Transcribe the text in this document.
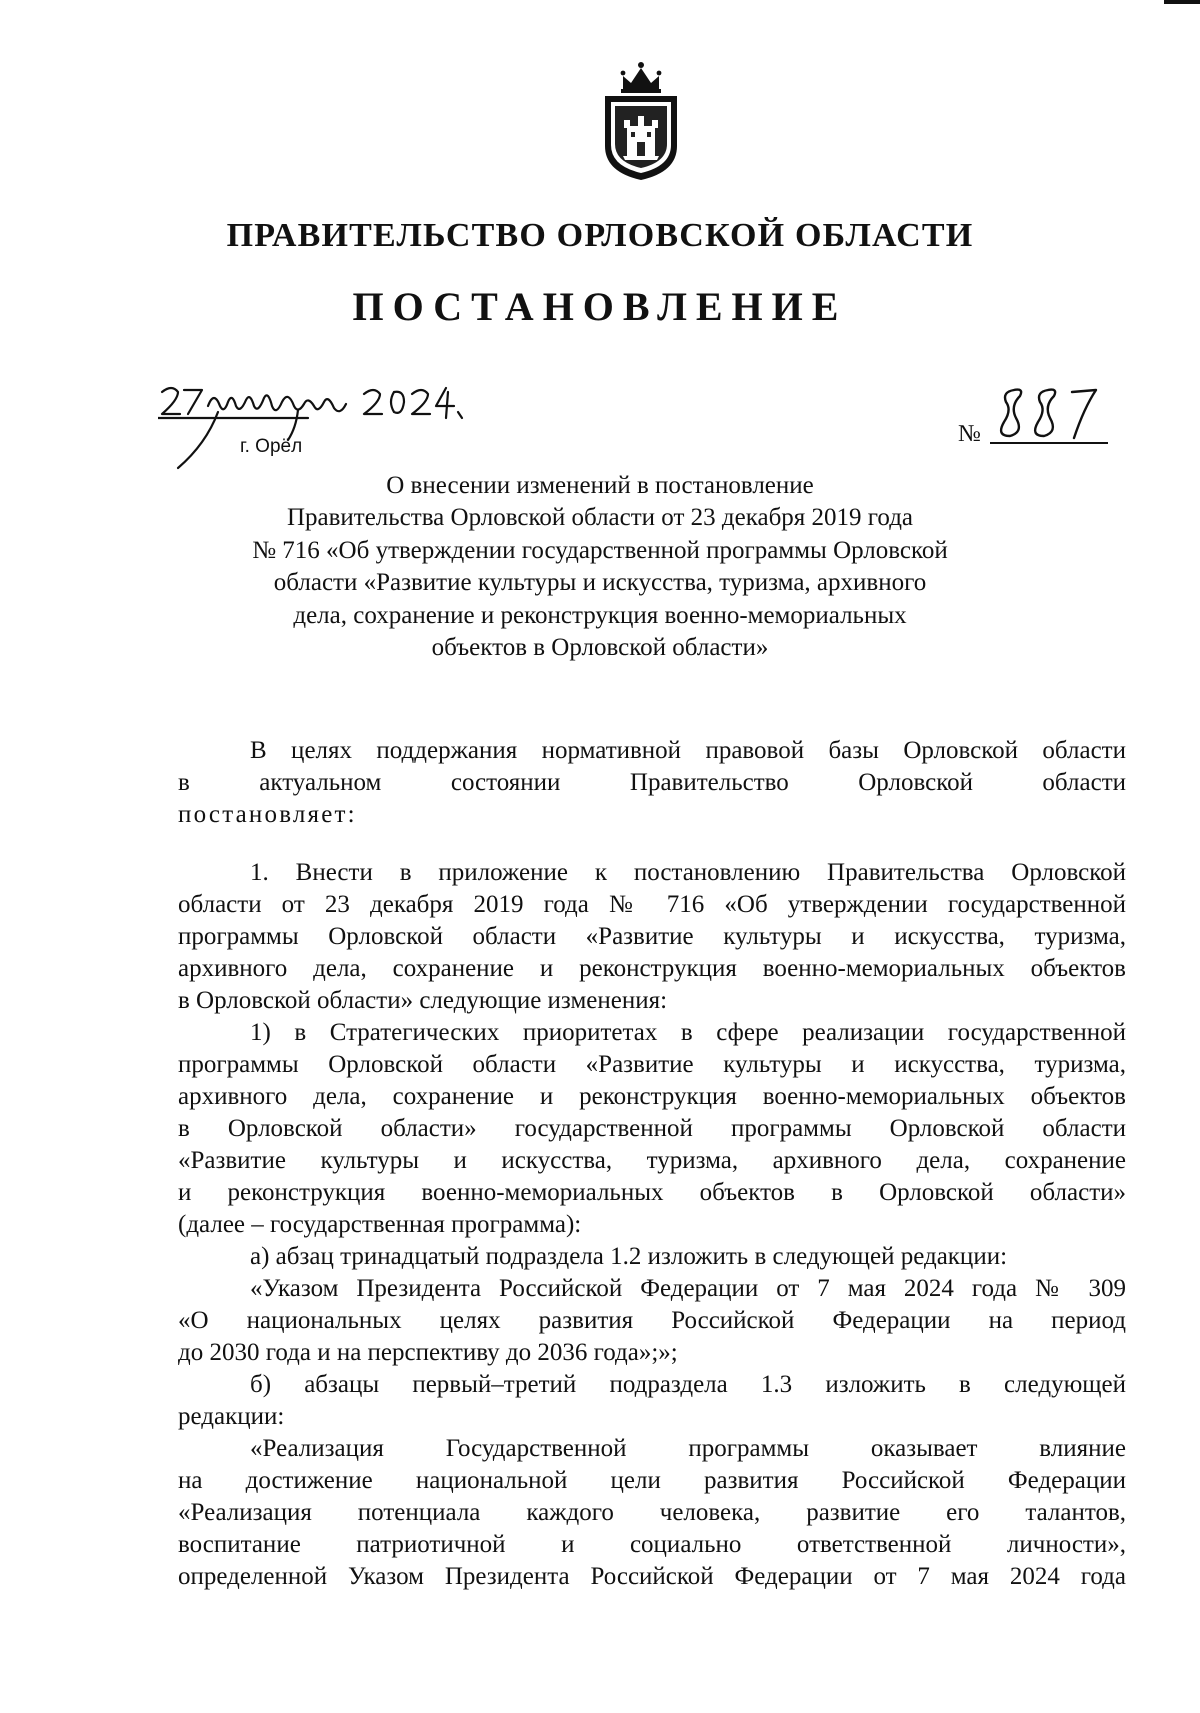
ПРАВИТЕЛЬСТВО ОРЛОВСКОЙ ОБЛАСТИ
ПОСТАНОВЛЕНИЕ
г. Орёл	№
О внесении изменений в постановление
Правительства Орловской области от 23 декабря 2019 года
№ 716 «Об утверждении государственной программы Орловской
области «Развитие культуры и искусства, туризма, архивного
дела, сохранение и реконструкция военно-мемориальных
объектов в Орловской области»
В целях поддержания нормативной правовой базы Орловской области
в актуальном состоянии Правительство Орловской области
постановляет:
1. Внести в приложение к постановлению Правительства Орловской
области от 23 декабря 2019 года № 716 «Об утверждении государственной
программы Орловской области «Развитие культуры и искусства, туризма,
архивного дела, сохранение и реконструкция военно-мемориальных объектов
в Орловской области» следующие изменения:
1) в Стратегических приоритетах в сфере реализации государственной
программы Орловской области «Развитие культуры и искусства, туризма,
архивного дела, сохранение и реконструкция военно-мемориальных объектов
в Орловской области» государственной программы Орловской области
«Развитие культуры и искусства, туризма, архивного дела, сохранение
и реконструкция военно-мемориальных объектов в Орловской области»
(далее – государственная программа):
а) абзац тринадцатый подраздела 1.2 изложить в следующей редакции:
«Указом Президента Российской Федерации от 7 мая 2024 года № 309
«О национальных целях развития Российской Федерации на период
до 2030 года и на перспективу до 2036 года»;»;
б) абзацы первый–третий подраздела 1.3 изложить в следующей
редакции:
«Реализация Государственной программы оказывает влияние
на достижение национальной цели развития Российской Федерации
«Реализация потенциала каждого человека, развитие его талантов,
воспитание патриотичной и социально ответственной личности»,
определенной Указом Президента Российской Федерации от 7 мая 2024 года
